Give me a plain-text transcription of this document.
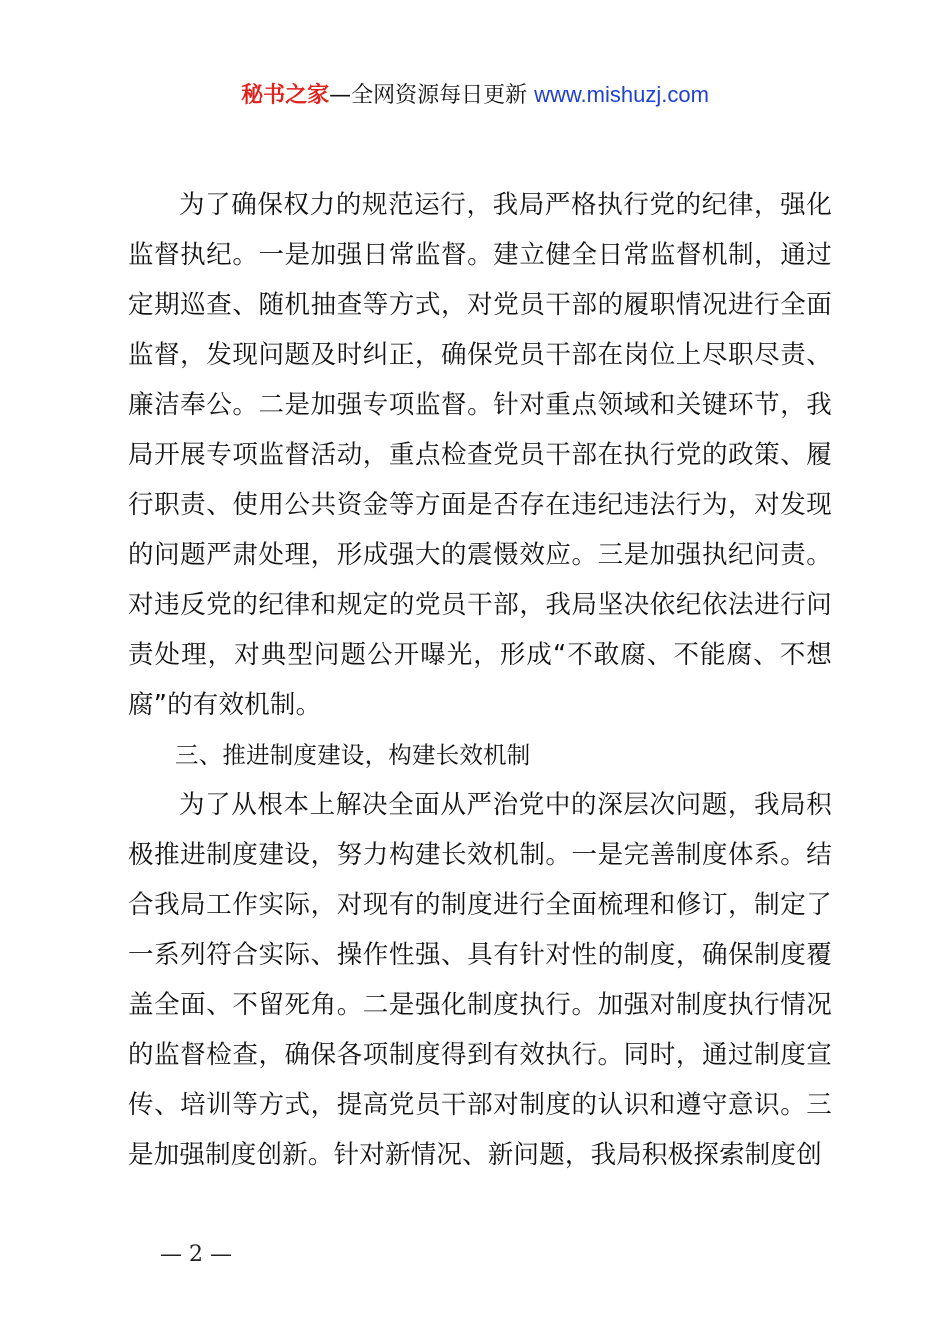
秘书之家—全网资源每日更新 www.mishuzj.com

为了确保权力的规范运行，我局严格执行党的纪律，强化监督执纪。一是加强日常监督。建立健全日常监督机制，通过定期巡查、随机抽查等方式，对党员干部的履职情况进行全面监督，发现问题及时纠正，确保党员干部在岗位上尽职尽责、廉洁奉公。二是加强专项监督。针对重点领域和关键环节，我局开展专项监督活动，重点检查党员干部在执行党的政策、履行职责、使用公共资金等方面是否存在违纪违法行为，对发现的问题严肃处理，形成强大的震慑效应。三是加强执纪问责。对违反党的纪律和规定的党员干部，我局坚决依纪依法进行问责处理，对典型问题公开曝光，形成“不敢腐、不能腐、不想腐”的有效机制。

三、推进制度建设，构建长效机制

为了从根本上解决全面从严治党中的深层次问题，我局积极推进制度建设，努力构建长效机制。一是完善制度体系。结合我局工作实际，对现有的制度进行全面梳理和修订，制定了一系列符合实际、操作性强、具有针对性的制度，确保制度覆盖全面、不留死角。二是强化制度执行。加强对制度执行情况的监督检查，确保各项制度得到有效执行。同时，通过制度宣传、培训等方式，提高党员干部对制度的认识和遵守意识。三是加强制度创新。针对新情况、新问题，我局积极探索制度创

— 2 —
